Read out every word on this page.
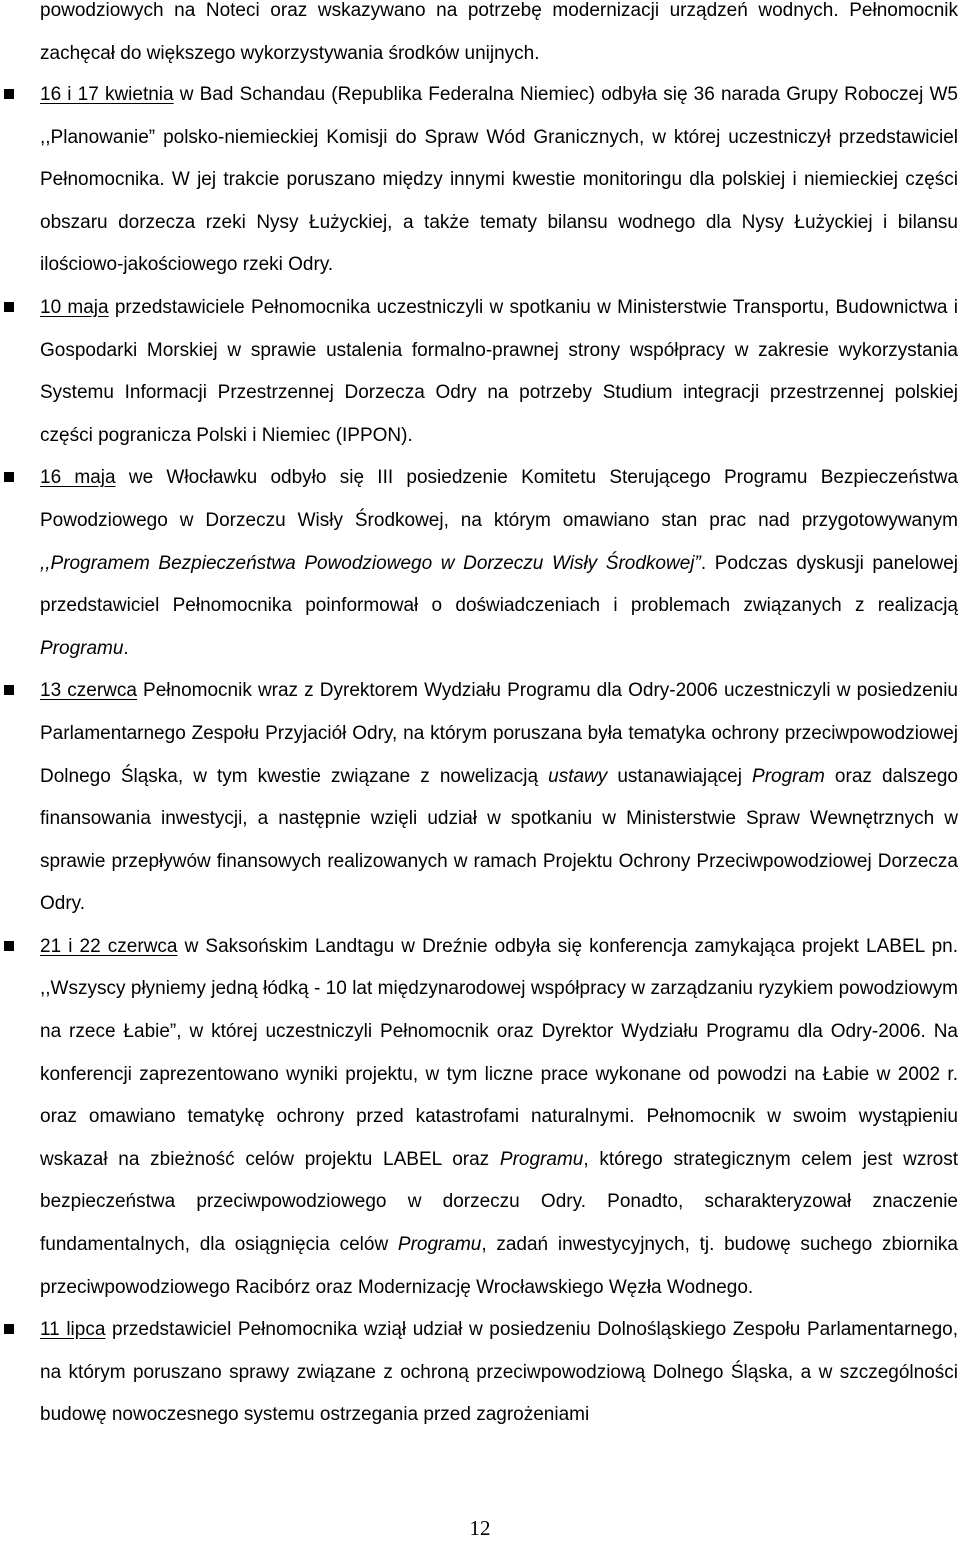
powodziowych na Noteci oraz wskazywano na potrzebę modernizacji urządzeń wodnych. Pełnomocnik zachęcał do większego wykorzystywania środków unijnych.
16 i 17 kwietnia w Bad Schandau (Republika Federalna Niemiec) odbyła się 36 narada Grupy Roboczej W5 ,,Planowanie” polsko-niemieckiej Komisji do Spraw Wód Granicznych, w której uczestniczył przedstawiciel Pełnomocnika. W jej trakcie poruszano między innymi kwestie monitoringu dla polskiej i niemieckiej części obszaru dorzecza rzeki Nysy Łużyckiej, a także tematy bilansu wodnego dla Nysy Łużyckiej i bilansu ilościowo-jakościowego rzeki Odry.
10 maja przedstawiciele Pełnomocnika uczestniczyli w spotkaniu w Ministerstwie Transportu, Budownictwa i Gospodarki Morskiej w sprawie ustalenia formalno-prawnej strony współpracy w zakresie wykorzystania Systemu Informacji Przestrzennej Dorzecza Odry na potrzeby Studium integracji przestrzennej polskiej części pogranicza Polski i Niemiec (IPPON).
16 maja we Włocławku odbyło się III posiedzenie Komitetu Sterującego Programu Bezpieczeństwa Powodziowego w Dorzeczu Wisły Środkowej, na którym omawiano stan prac nad przygotowywanym ,,Programem Bezpieczeństwa Powodziowego w Dorzeczu Wisły Środkowej”. Podczas dyskusji panelowej przedstawiciel Pełnomocnika poinformował o doświadczeniach i problemach związanych z realizacją Programu.
13 czerwca Pełnomocnik wraz z Dyrektorem Wydziału Programu dla Odry-2006 uczestniczyli w posiedzeniu Parlamentarnego Zespołu Przyjaciół Odry, na którym poruszana była tematyka ochrony przeciwpowodziowej Dolnego Śląska, w tym kwestie związane z nowelizacją ustawy ustanawiającej Program oraz dalszego finansowania inwestycji, a następnie wzięli udział w spotkaniu w Ministerstwie Spraw Wewnętrznych w sprawie przepływów finansowych realizowanych w ramach Projektu Ochrony Przeciwpowodziowej Dorzecza Odry.
21 i 22 czerwca w Saksońskim Landtagu w Dreźnie odbyła się konferencja zamykająca projekt LABEL pn. ,,Wszyscy płyniemy jedną łódką - 10 lat międzynarodowej współpracy w zarządzaniu ryzykiem powodziowym na rzece Łabie”, w której uczestniczyli Pełnomocnik oraz Dyrektor Wydziału Programu dla Odry-2006. Na konferencji zaprezentowano wyniki projektu, w tym liczne prace wykonane od powodzi na Łabie w 2002 r. oraz omawiano tematykę ochrony przed katastrofami naturalnymi. Pełnomocnik w swoim wystąpieniu wskazał na zbieżność celów projektu LABEL oraz Programu, którego strategicznym celem jest wzrost bezpieczeństwa przeciwpowodziowego w dorzeczu Odry. Ponadto, scharakteryzował znaczenie fundamentalnych, dla osiągnięcia celów Programu, zadań inwestycyjnych, tj. budowę suchego zbiornika przeciwpowodziowego Racibórz oraz Modernizację Wrocławskiego Węzła Wodnego.
11 lipca przedstawiciel Pełnomocnika wziął udział w posiedzeniu Dolnośląskiego Zespołu Parlamentarnego, na którym poruszano sprawy związane z ochroną przeciwpowodziową Dolnego Śląska, a w szczególności budowę nowoczesnego systemu ostrzegania przed zagrożeniami
12
